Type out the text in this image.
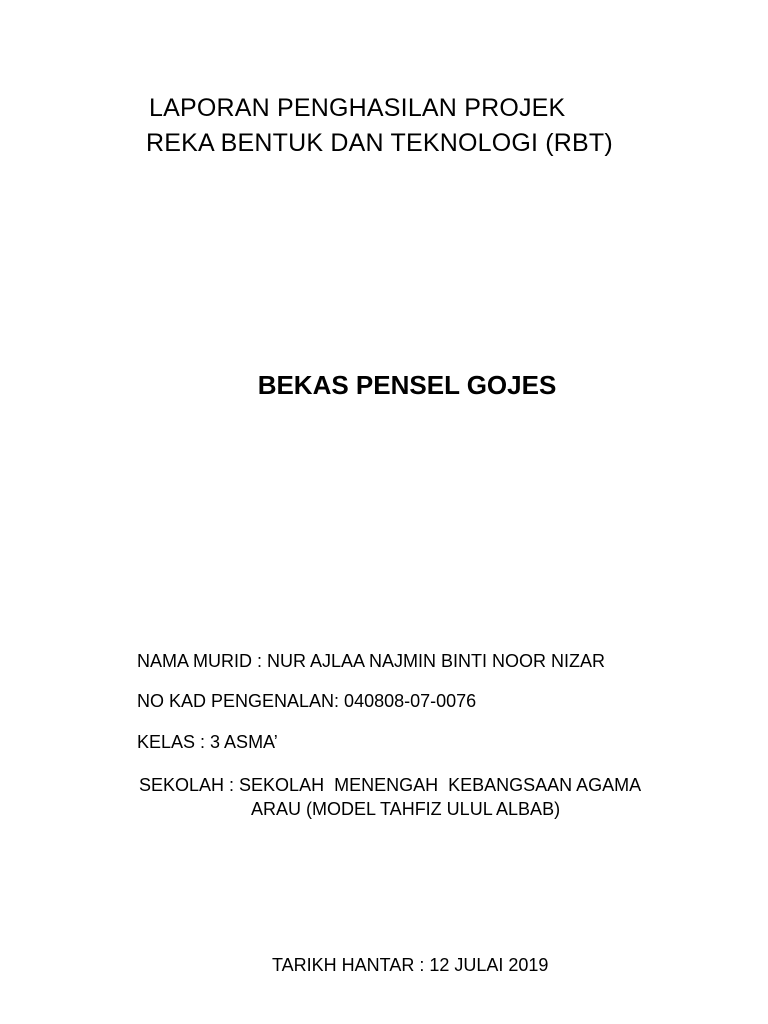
LAPORAN PENGHASILAN PROJEK
REKA BENTUK DAN TEKNOLOGI (RBT)
BEKAS PENSEL GOJES
NAMA MURID : NUR AJLAA NAJMIN BINTI NOOR NIZAR
NO KAD PENGENALAN: 040808-07-0076
KELAS : 3 ASMA’
SEKOLAH : SEKOLAH  MENENGAH  KEBANGSAAN AGAMA
ARAU (MODEL TAHFIZ ULUL ALBAB)
TARIKH HANTAR : 12 JULAI 2019
